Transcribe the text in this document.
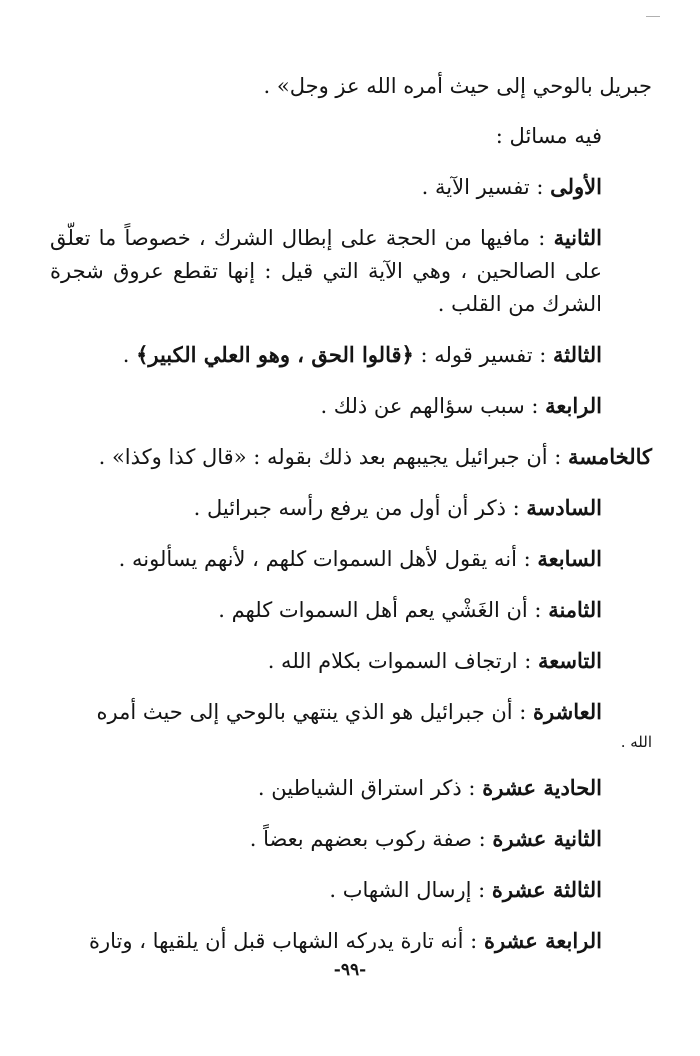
جبريل بالوحي إلى حيث أمره الله عز وجل» .

فيه مسائل :

الأولى : تفسير الآية .

الثانية : مافيها من الحجة على إبطال الشرك ، خصوصاً ما تعلّق على الصالحين ، وهي الآية التي قيل : إنها تقطع عروق شجرة الشرك من القلب .

الثالثة : تفسير قوله : ﴿قالوا الحق ، وهو العلي الكبير﴾ .

الرابعة : سبب سؤالهم عن ذلك .

كالخامسة : أن جبرائيل يجيبهم بعد ذلك بقوله : «قال كذا وكذا» .

السادسة : ذكر أن أول من يرفع رأسه جبرائيل .

السابعة : أنه يقول لأهل السموات كلهم ، لأنهم يسألونه .

الثامنة : أن الغَشْي يعم أهل السموات كلهم .

التاسعة : ارتجاف السموات بكلام الله .

العاشرة : أن جبرائيل هو الذي ينتهي بالوحي إلى حيث أمره

الله .

الحادية عشرة : ذكر استراق الشياطين .

الثانية عشرة : صفة ركوب بعضهم بعضاً .

الثالثة عشرة : إرسال الشهاب .

الرابعة عشرة : أنه تارة يدركه الشهاب قبل أن يلقيها ، وتارة

-٩٩-
